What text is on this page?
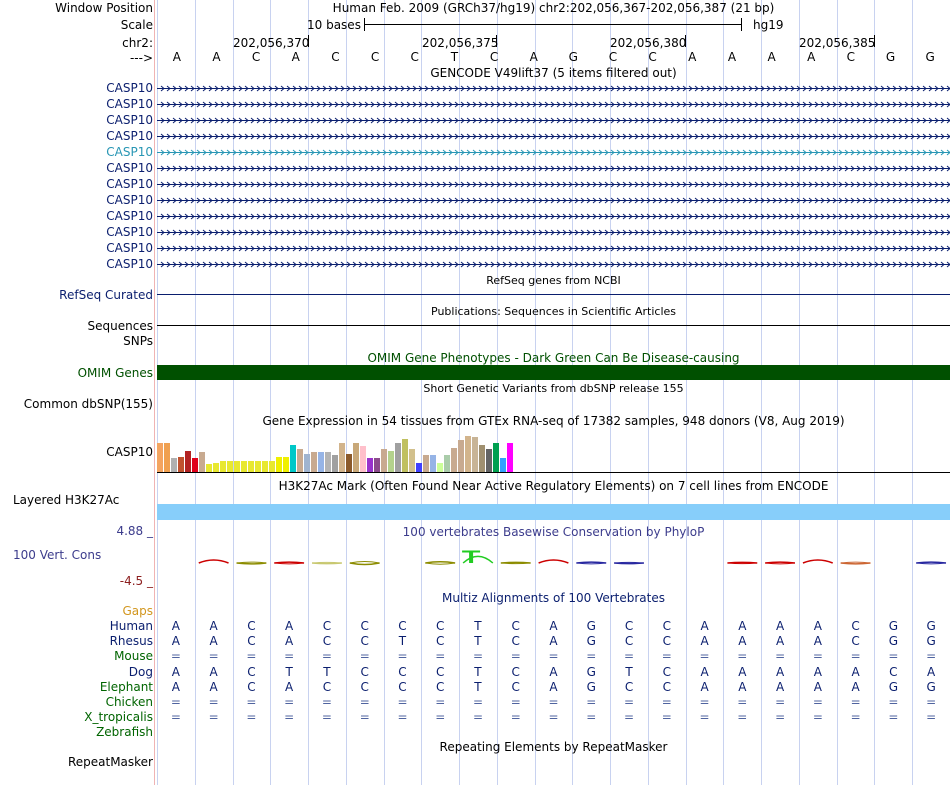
Window Position
Scale
chr2:
--->
Human Feb. 2009 (GRCh37/hg19) chr2:202,056,367-202,056,387 (21 bp)
10 bases	hg19
202,056,370	202,056,375	202,056,380	202,056,385
A	A	C	A	C	C	C	T	C	A	G	C	C	A	A	A	A	C	G	G
GENCODE V49lift37 (5 items filtered out)
CASP10
CASP10
CASP10
CASP10
CASP10
CASP10
CASP10
CASP10
CASP10
CASP10
CASP10
CASP10
RefSeq genes from NCBI
RefSeq Curated
Publications: Sequences in Scientific Articles
Sequences
SNPs
OMIM Gene Phenotypes - Dark Green Can Be Disease-causing
OMIM Genes
Short Genetic Variants from dbSNP release 155
Common dbSNP(155)
Gene Expression in 54 tissues from GTEx RNA-seq of 17382 samples, 948 donors (V8, Aug 2019)
CASP10
H3K27Ac Mark (Often Found Near Active Regulatory Elements) on 7 cell lines from ENCODE
Layered H3K27Ac
100 vertebrates Basewise Conservation by PhyloP
4.88 _
100 Vert. Cons
-4.5 _
Multiz Alignments of 100 Vertebrates
Gaps
Human A A C A C C C C T C A G C C A A A A C G G
Rhesus A A C A C C T C T C A G C C A A A A C G G
Mouse = = = = = = = = = = = = = = = = = = = = =
Dog A A C T	T C C C T C A G T C A A A A A C A
Elephant A A C A C C C C T C A G C C A A A A A G G
Chicken = = = = = = = = = = = = = = = = = = = = =
X_tropicalis = = = = = = = = = = = = = = = = = = = = =
Zebrafish
Repeating Elements by RepeatMasker
RepeatMasker
